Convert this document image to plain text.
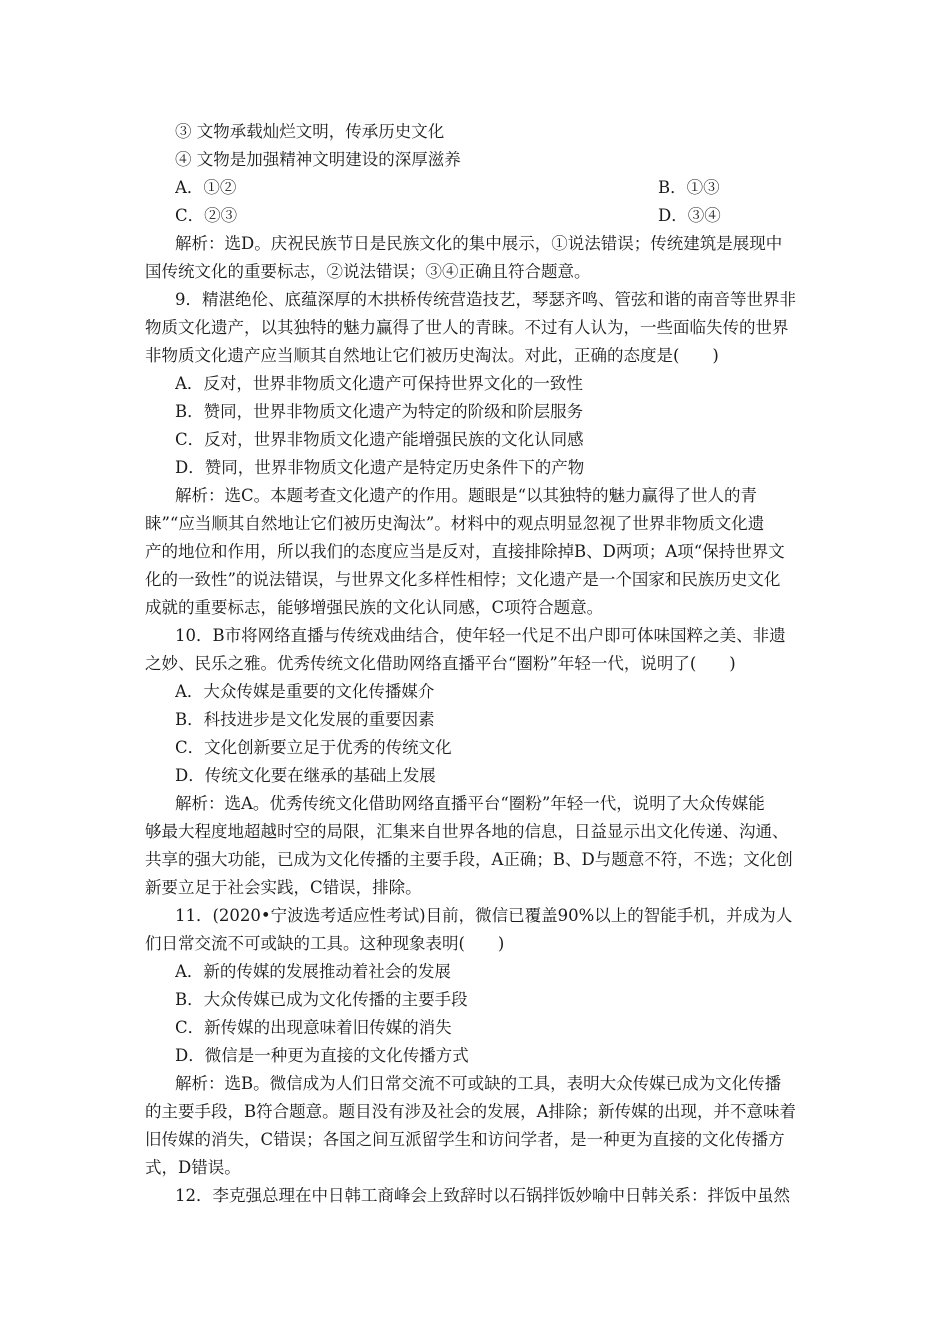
③ 文物承载灿烂文明，传承历史文化
④ 文物是加强精神文明建设的深厚滋养
A．①②	B．①③
C．②③	D．③④
解析：选D。庆祝民族节日是民族文化的集中展示，①说法错误；传统建筑是展现中
国传统文化的重要标志，②说法错误；③④正确且符合题意。
9．精湛绝伦、底蕴深厚的木拱桥传统营造技艺，琴瑟齐鸣、管弦和谐的南音等世界非
物质文化遗产，以其独特的魅力赢得了世人的青睐。不过有人认为，一些面临失传的世界
非物质文化遗产应当顺其自然地让它们被历史淘汰。对此，正确的态度是(　　)
A．反对，世界非物质文化遗产可保持世界文化的一致性
B．赞同，世界非物质文化遗产为特定的阶级和阶层服务
C．反对，世界非物质文化遗产能增强民族的文化认同感
D．赞同，世界非物质文化遗产是特定历史条件下的产物
解析：选C。本题考查文化遗产的作用。题眼是“以其独特的魅力赢得了世人的青
睐”“应当顺其自然地让它们被历史淘汰”。材料中的观点明显忽视了世界非物质文化遗
产的地位和作用，所以我们的态度应当是反对，直接排除掉B、D两项；A项“保持世界文
化的一致性”的说法错误，与世界文化多样性相悖；文化遗产是一个国家和民族历史文化
成就的重要标志，能够增强民族的文化认同感，C项符合题意。
10．B市将网络直播与传统戏曲结合，使年轻一代足不出户即可体味国粹之美、非遗
之妙、民乐之雅。优秀传统文化借助网络直播平台“圈粉”年轻一代，说明了(　　)
A．大众传媒是重要的文化传播媒介
B．科技进步是文化发展的重要因素
C．文化创新要立足于优秀的传统文化
D．传统文化要在继承的基础上发展
解析：选A。优秀传统文化借助网络直播平台“圈粉”年轻一代，说明了大众传媒能
够最大程度地超越时空的局限，汇集来自世界各地的信息，日益显示出文化传递、沟通、
共享的强大功能，已成为文化传播的主要手段，A正确；B、D与题意不符，不选；文化创
新要立足于社会实践，C错误，排除。
11．(2020•宁波选考适应性考试)目前，微信已覆盖90%以上的智能手机，并成为人
们日常交流不可或缺的工具。这种现象表明(　　)
A．新的传媒的发展推动着社会的发展
B．大众传媒已成为文化传播的主要手段
C．新传媒的出现意味着旧传媒的消失
D．微信是一种更为直接的文化传播方式
解析：选B。微信成为人们日常交流不可或缺的工具，表明大众传媒已成为文化传播
的主要手段，B符合题意。题目没有涉及社会的发展，A排除；新传媒的出现，并不意味着
旧传媒的消失，C错误；各国之间互派留学生和访问学者，是一种更为直接的文化传播方
式，D错误。
12．李克强总理在中日韩工商峰会上致辞时以石锅拌饭妙喻中日韩关系：拌饭中虽然
